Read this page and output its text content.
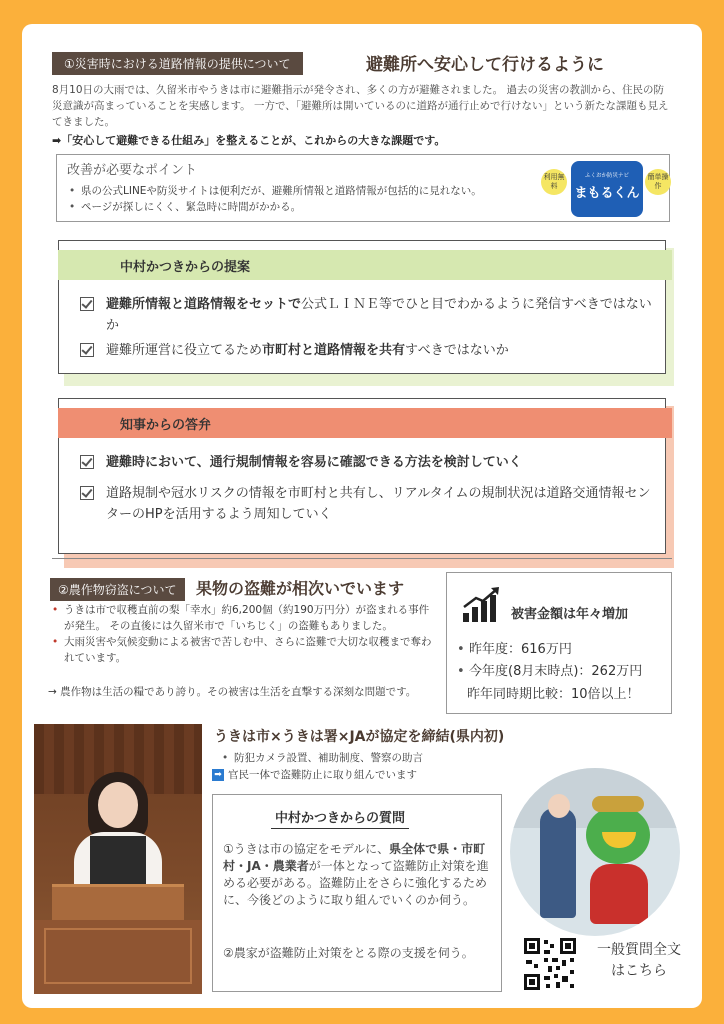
①災害時における道路情報の提供について	避難所へ安心して行けるように
8月10日の大雨では、久留米市やうきは市に避難指示が発令され、多くの方が避難されました。 過去の災害の教訓から、住民の防災意識が高まっていることを実感します。 一方で、「避難所は開いているのに道路が通行止めで行けない」という新たな課題も見えてきました。
➡「安心して避難できる仕組み」を整えることが、これからの大きな課題です。
改善が必要なポイント
• 県の公式LINEや防災サイトは便利だが、避難所情報と道路情報が包括的に見れない。
• ページが探しにくく、緊急時に時間がかかる。
利用無料
ふくおか防災ナビ
まもるくん
簡単操作
中村かつきからの提案
避難所情報と道路情報をセットで公式ＬＩＮＥ等でひと目でわかるように発信すべきではないか
避難所運営に役立てるため市町村と道路情報を共有すべきではないか
知事からの答弁
避難時において、通行規制情報を容易に確認できる方法を検討していく
道路規制や冠水リスクの情報を市町村と共有し、リアルタイムの規制状況は道路交通情報センターのHPを活用するよう周知していく
②農作物窃盗について	果物の盗難が相次いでいます
• うきは市で収穫直前の梨「幸水」約6,200個（約190万円分）が盗まれる事件が発生。 その直後には久留米市で「いちじく」の盗難もありました。
• 大雨災害や気候変動による被害で苦しむ中、さらに盗難で大切な収穫まで奪われています。
→ 農作物は生活の糧であり誇り。その被害は生活を直撃する深刻な問題です。
被害金額は年々増加
• 昨年度：616万円
• 今年度(8月末時点)：262万円
昨年同時期比較：10倍以上！
うきは市×うきは署×JAが協定を締結(県内初)
• 防犯カメラ設置、補助制度、警察の助言
➡ 官民一体で盗難防止に取り組んでいます
中村かつきからの質問
①うきは市の協定をモデルに、県全体で県・市町村・JA・農業者が一体となって盗難防止対策を進める必要がある。盗難防止をさらに強化するために、今後どのように取り組んでいくのか伺う。
②農家が盗難防止対策をとる際の支援を伺う。	一般質問全文
はこちら
